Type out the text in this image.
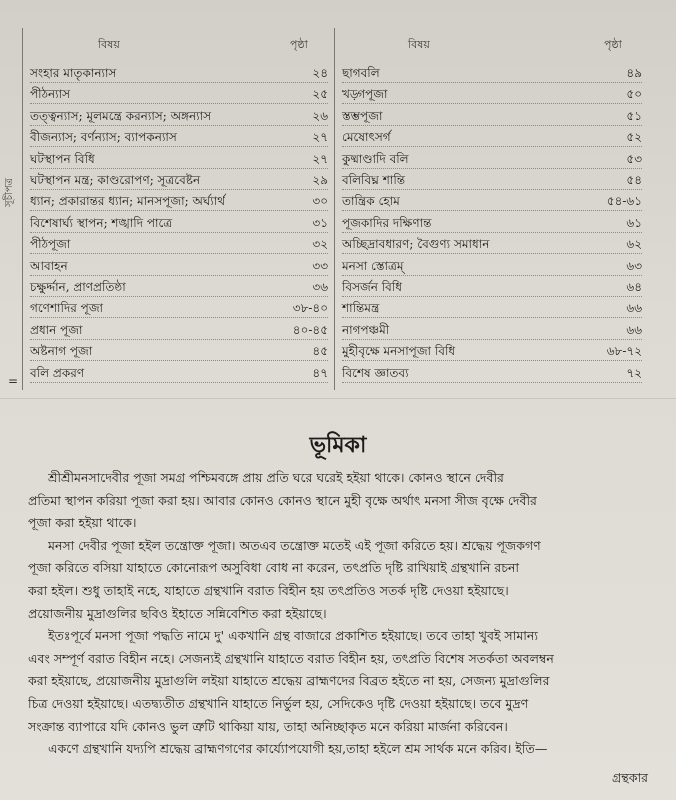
সূচীপত্র
বিষয়	পৃষ্ঠা	বিষয়	পৃষ্ঠা
সংহার মাতৃকান্যাস	২৪
পীঠন্যাস	২৫
তত্ত্বন্যাস; মূলমন্ত্রে করন্যাস; অঙ্গন্যাস	২৬
বীজন্যাস; বর্ণন্যাস; ব্যাপকন্যাস	২৭
ঘটস্থাপন বিধি	২৭
ঘটস্থাপন মন্ত্র; কাণ্ডরোপণ; সূত্রবেষ্টন	২৯
ধ্যান; প্রকারান্তর ধ্যান; মানসপূজা; অর্ঘ্যার্থ	৩০
বিশেষার্ঘ্য স্থাপন; শঙ্খাদি পাত্রে	৩১
পীঠপূজা	৩২
আবাহন	৩৩
চক্ষুর্দ্দান, প্রাণপ্রতিষ্ঠা	৩৬
গণেশাদির পূজা	৩৮-৪০
প্রধান পূজা	৪০-৪৫
অষ্টনাগ পূজা	৪৫
বলি প্রকরণ	৪৭
ছাগবলি	৪৯
খড়্গপূজা	৫০
স্তম্ভপূজা	৫১
মেষোৎসর্গ	৫২
কুষ্মাণ্ডাদি বলি	৫৩
বলিবিঘ্ন শান্তি	৫৪
তান্ত্রিক হোম	৫৪-৬১
পূজকাদির দক্ষিণান্ত	৬১
অচ্ছিদ্রাবধারণ; বৈগুণ্য সমাধান	৬২
মনসা স্তোত্রম্‌	৬৩
বিসর্জন বিধি	৬৪
শান্তিমন্ত্র	৬৬
নাগপঞ্চমী	৬৬
মুহীবৃক্ষে মনসাপূজা বিধি	৬৮-৭২
বিশেষ জ্ঞাতব্য	৭২
=
ভূমিকা
শ্রীশ্রীমনসাদেবীর পূজা সমগ্র পশ্চিমবঙ্গে প্রায় প্রতি ঘরে ঘরেই হইয়া থাকে। কোনও স্থানে দেবীর
প্রতিমা স্থাপন করিয়া পূজা করা হয়। আবার কোনও কোনও স্থানে মুহী বৃক্ষে অর্থাৎ মনসা সীজ বৃক্ষে দেবীর
পূজা করা হইয়া থাকে।
মনসা দেবীর পূজা হইল তন্ত্রোক্ত পূজা। অতএব তন্ত্রোক্ত মতেই এই পূজা করিতে হয়। শ্রদ্ধেয় পূজকগণ
পূজা করিতে বসিয়া যাহাতে কোনোরূপ অসুবিধা বোধ না করেন, তৎপ্রতি দৃষ্টি রাখিয়াই গ্রন্থখানি রচনা
করা হইল। শুধু তাহাই নহে, যাহাতে গ্রন্থখানি বরাত বিহীন হয় তৎপ্রতিও সতর্ক দৃষ্টি দেওয়া হইয়াছে।
প্রয়োজনীয় মুদ্রাগুলির ছবিও ইহাতে সন্নিবেশিত করা হইয়াছে।
ইতঃপূর্বে মনসা পূজা পদ্ধতি নামে দু' একখানি গ্রন্থ বাজারে প্রকাশিত হইয়াছে। তবে তাহা খুবই সামান্য
এবং সম্পূর্ণ বরাত বিহীন নহে। সেজন্যই গ্রন্থখানি যাহাতে বরাত বিহীন হয়, তৎপ্রতি বিশেষ সতর্কতা অবলম্বন
করা হইয়াছে, প্রয়োজনীয় মুদ্রাগুলি লইয়া যাহাতে শ্রদ্ধেয় ব্রাহ্মণদের বিব্রত হইতে না হয়, সেজন্য মুদ্রাগুলির
চিত্র দেওয়া হইয়াছে। এতদ্ব্যতীত গ্রন্থখানি যাহাতে নির্ভুল হয়, সেদিকেও দৃষ্টি দেওয়া হইয়াছে। তবে মুদ্রণ
সংক্রান্ত ব্যাপারে যদি কোনও ভুল ত্রুটি থাকিয়া যায়, তাহা অনিচ্ছাকৃত মনে করিয়া মার্জনা করিবেন।
একণে গ্রন্থখানি যদ্যপি শ্রদ্ধেয় ব্রাহ্মণগণের কার্য্যোপযোগী হয়,তাহা হইলে শ্রম সার্থক মনে করিব। ইতি—
গ্রন্থকার
